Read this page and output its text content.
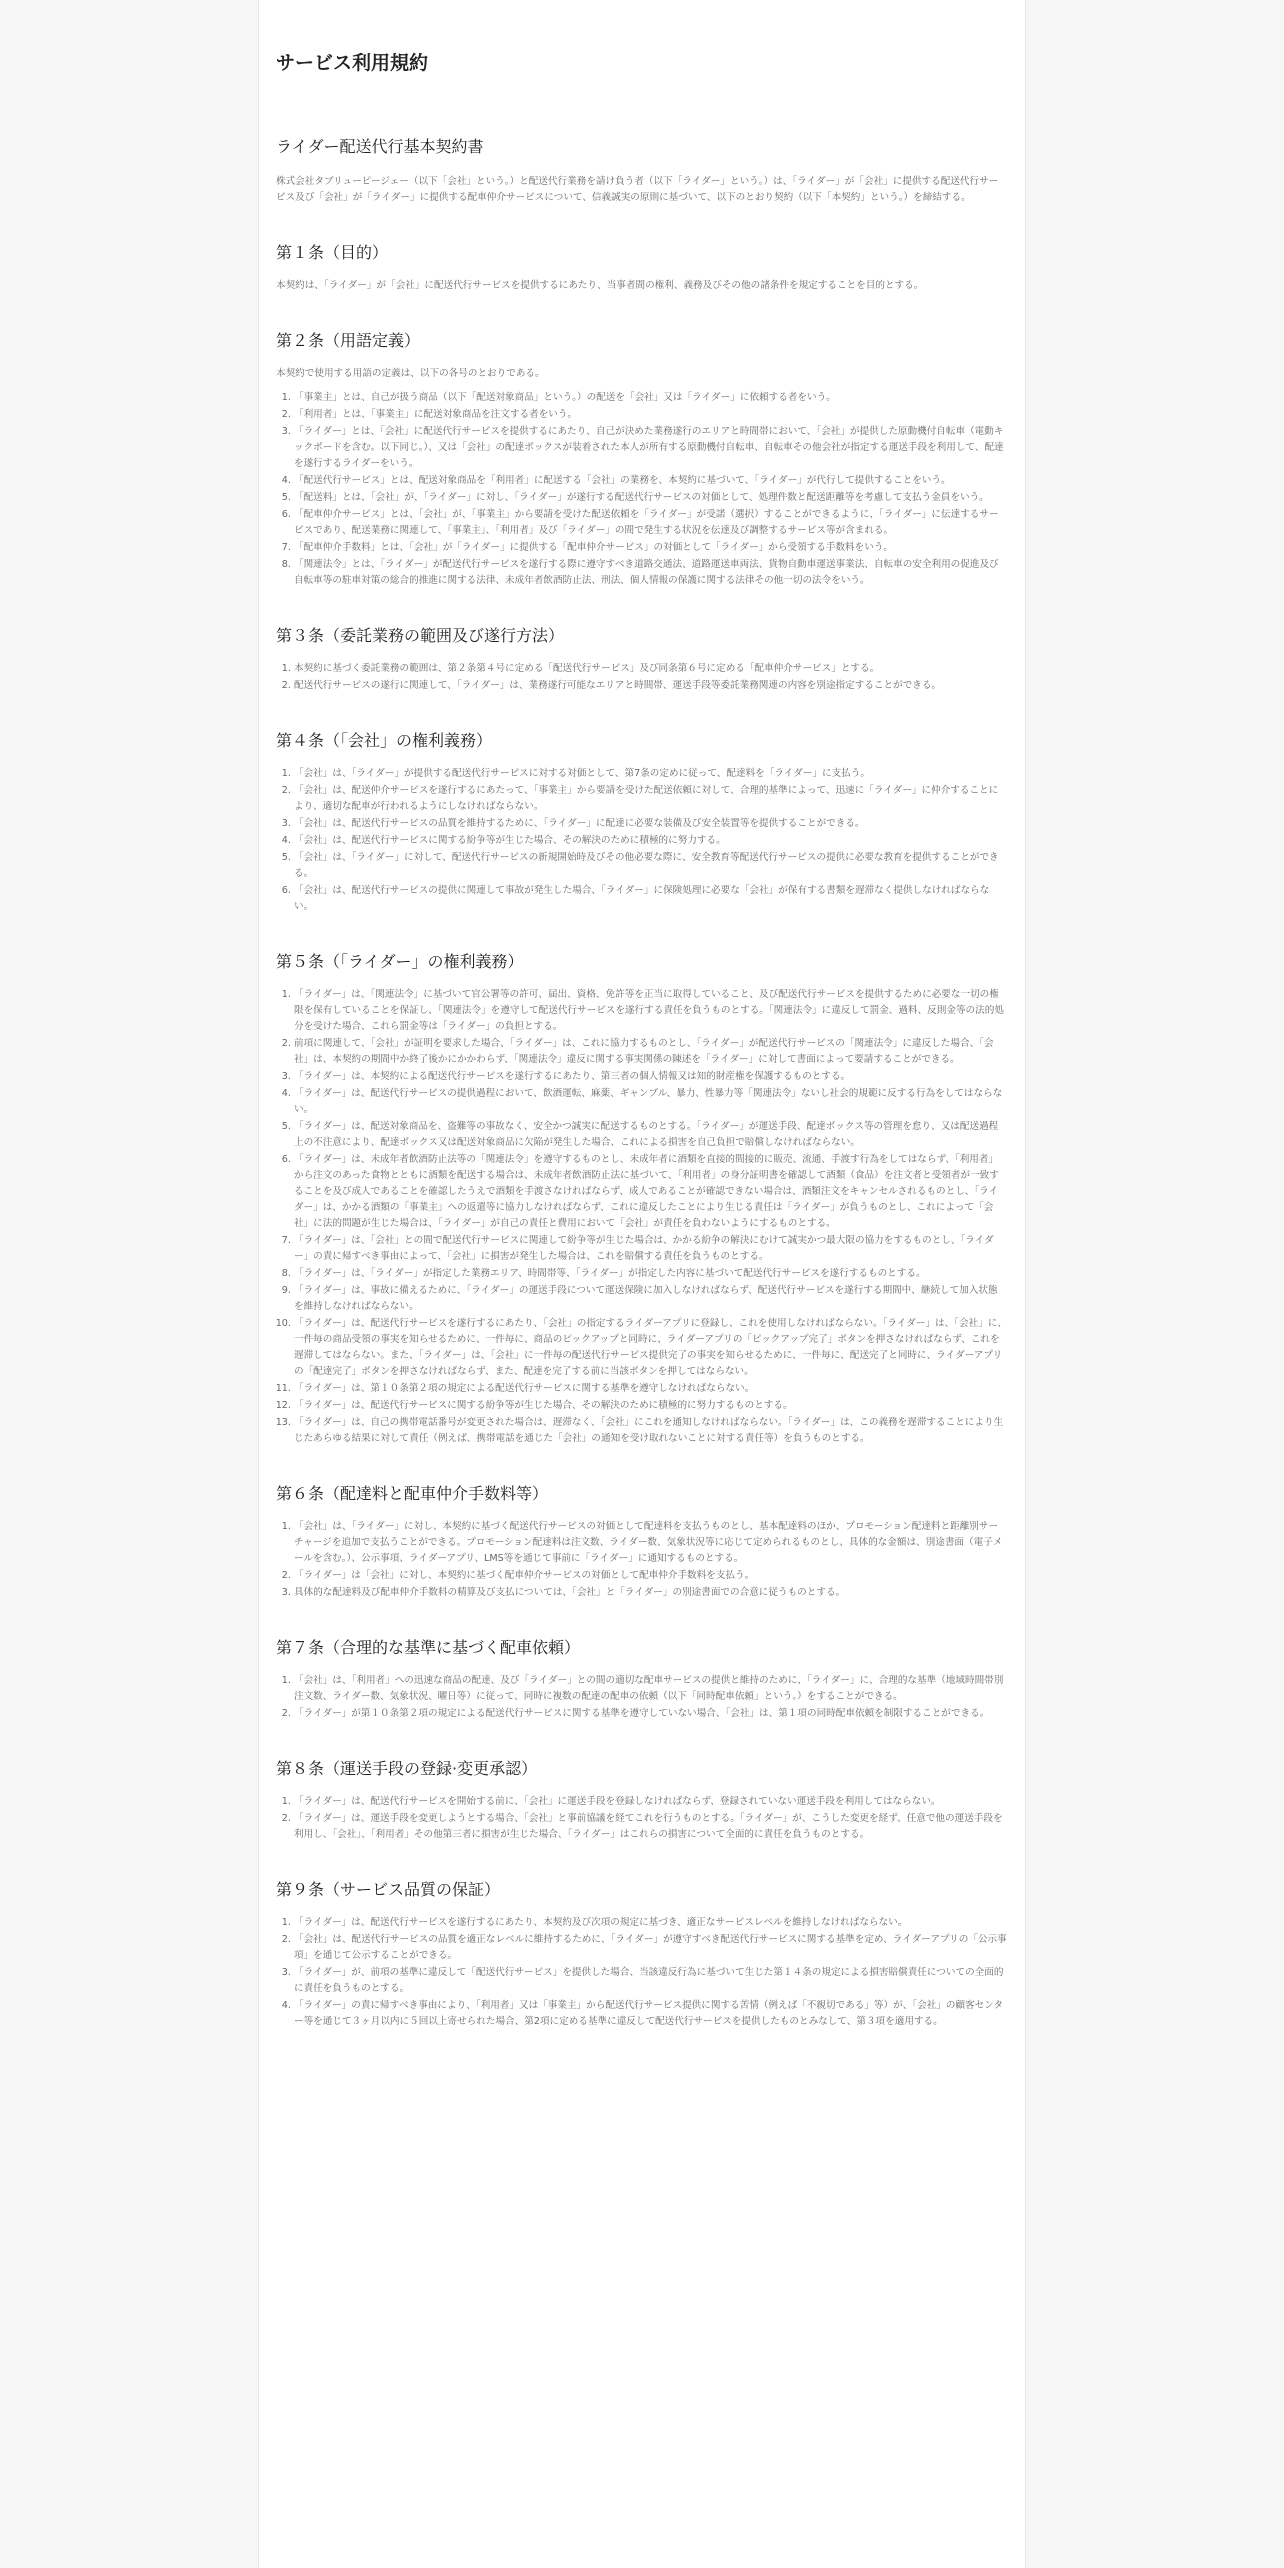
サービス利用規約
ライダー配送代行基本契約書

株式会社タブリューピージェー（以下「会社」という。）と配送代行業務を請け負う者（以下「ライダー」という。）は、「ライダー」が「会社」に提供する配送代行サービス及び「会社」が「ライダー」に提供する配車仲介サービスについて、信義誠実の原則に基づいて、以下のとおり契約（以下「本契約」という。）を締結する。

第１条（目的）

本契約は、「ライダー」が「会社」に配送代行サービスを提供するにあたり、当事者間の権利、義務及びその他の諸条件を規定することを目的とする。

第２条（用語定義）

本契約で使用する用語の定義は、以下の各号のとおりである。

1. 「事業主」とは、自己が扱う商品（以下「配送対象商品」という。）の配送を「会社」又は「ライダー」に依頼する者をいう。
2. 「利用者」とは、「事業主」に配送対象商品を注文する者をいう。
3. 「ライダー」とは、「会社」に配送代行サービスを提供するにあたり、自己が決めた業務遂行のエリアと時間帯において、「会社」が提供した原動機付自転車（電動キックボードを含む。以下同じ。）、又は「会社」の配達ボックスが装着された本人が所有する原動機付自転車、自転車その他会社が指定する運送手段を利用して、配達を遂行するライダーをいう。
4. 「配送代行サービス」とは、配送対象商品を「利用者」に配送する「会社」の業務を、本契約に基づいて、「ライダー」が代行して提供することをいう。
5. 「配送料」とは、「会社」が、「ライダー」に対し、「ライダー」が遂行する配送代行サービスの対価として、処理件数と配送距離等を考慮して支払う金員をいう。
6. 「配車仲介サービス」とは、「会社」が、「事業主」から要請を受けた配送依頼を「ライダー」が受諾（選択）することができるように、「ライダー」に伝達するサービスであり、配送業務に関連して、「事業主」、「利用者」及び「ライダー」の間で発生する状況を伝達及び調整するサービス等が含まれる。
7. 「配車仲介手数料」とは、「会社」が「ライダー」に提供する「配車仲介サービス」の対価として「ライダー」から受領する手数料をいう。
8. 「関連法令」とは、「ライダー」が配送代行サービスを遂行する際に遵守すべき道路交通法、道路運送車両法、貨物自動車運送事業法、自転車の安全利用の促進及び自転車等の駐車対策の総合的推進に関する法律、未成年者飲酒防止法、刑法、個人情報の保護に関する法律その他一切の法令をいう。
第３条（委託業務の範囲及び遂行方法）
1. 本契約に基づく委託業務の範囲は、第２条第４号に定める「配送代行サービス」及び同条第６号に定める「配車仲介サービス」とする。
2. 配送代行サービスの遂行に関連して、「ライダー」は、業務遂行可能なエリアと時間帯、運送手段等委託業務関連の内容を別途指定することができる。
第４条（「会社」の権利義務）
1. 「会社」は、「ライダー」が提供する配送代行サービスに対する対価として、第7条の定めに従って、配達料を「ライダー」に支払う。
2. 「会社」は、配送仲介サービスを遂行するにあたって、「事業主」から要請を受けた配送依頼に対して、合理的基準によって、迅速に「ライダー」に仲介することにより、適切な配車が行われるようにしなければならない。
3. 「会社」は、配送代行サービスの品質を維持するために、「ライダー」に配達に必要な装備及び安全装置等を提供することができる。
4. 「会社」は、配送代行サービスに関する紛争等が生じた場合、その解決のために積極的に努力する。
5. 「会社」は、「ライダー」に対して、配送代行サービスの新規開始時及びその他必要な際に、安全教育等配送代行サービスの提供に必要な教育を提供することができる。
6. 「会社」は、配送代行サービスの提供に関連して事故が発生した場合、「ライダー」に保険処理に必要な「会社」が保有する書類を遅滞なく提供しなければならない。
第５条（「ライダー」の権利義務）
1. 「ライダー」は、「関連法令」に基づいて官公署等の許可、届出、資格、免許等を正当に取得していること、及び配送代行サービスを提供するために必要な一切の権限を保有していることを保証し、「関連法令」を遵守して配送代行サービスを遂行する責任を負うものとする。「関連法令」に違反して罰金、過料、反則金等の法的処分を受けた場合、これら罰金等は「ライダー」の負担とする。
2. 前項に関連して、「会社」が証明を要求した場合、「ライダー」は、これに協力するものとし、「ライダー」が配送代行サービスの「関連法令」に違反した場合、「会社」は、本契約の期間中か終了後かにかかわらず、「関連法令」違反に関する事実関係の陳述を「ライダー」に対して書面によって要請することができる。
3. 「ライダー」は、本契約による配送代行サービスを遂行するにあたり、第三者の個人情報又は知的財産権を保護するものとする。
4. 「ライダー」は、配送代行サービスの提供過程において、飲酒運転、麻薬、ギャンブル、暴力、性暴力等「関連法令」ないし社会的規範に反する行為をしてはならない。
5. 「ライダー」は、配送対象商品を、盗難等の事故なく、安全かつ誠実に配送するものとする。「ライダー」が運送手段、配達ボックス等の管理を怠り、又は配送過程上の不注意により、配達ボックス又は配送対象商品に欠陥が発生した場合、これによる損害を自己負担で賠償しなければならない。
6. 「ライダー」は、未成年者飲酒防止法等の「関連法令」を遵守するものとし、未成年者に酒類を直接的間接的に販売、流通、手渡す行為をしてはならず、「利用者」から注文のあった食物とともに酒類を配送する場合は、未成年者飲酒防止法に基づいて、「利用者」の身分証明書を確認して酒類（食品）を注文者と受領者が一致することを及び成人であることを確認したうえで酒類を手渡さなければならず、成人であることが確認できない場合は、酒類注文をキャンセルされるものとし、「ライダー」は、かかる酒類の「事業主」への返還等に協力しなければならず、これに違反したことにより生じる責任は「ライダー」が負うものとし、これによって「会社」に法的問題が生じた場合は、「ライダー」が自己の責任と費用において「会社」が責任を負わないようにするものとする。
7. 「ライダー」は、「会社」との間で配送代行サービスに関連して紛争等が生じた場合は、かかる紛争の解決にむけて誠実かつ最大限の協力をするものとし、「ライダー」の責に帰すべき事由によって、「会社」に損害が発生した場合は、これを賠償する責任を負うものとする。
8. 「ライダー」は、「ライダー」が指定した業務エリア、時間帯等、「ライダー」が指定した内容に基づいて配送代行サービスを遂行するものとする。
9. 「ライダー」は、事故に備えるために、「ライダー」の運送手段について運送保険に加入しなければならず、配送代行サービスを遂行する期間中、継続して加入状態を維持しなければならない。
10. 「ライダー」は、配送代行サービスを遂行するにあたり、「会社」の指定するライダーアプリに登録し、これを使用しなければならない。「ライダー」は、「会社」に、一件毎の商品受領の事実を知らせるために、一件毎に、商品のピックアップと同時に、ライダーアプリの「ピックアップ完了」ボタンを押さなければならず、これを遅滞してはならない。また、「ライダー」は、「会社」に一件毎の配送代行サービス提供完了の事実を知らせるために、一件毎に、配送完了と同時に、ライダーアプリの「配達完了」ボタンを押さなければならず、また、配達を完了する前に当該ボタンを押してはならない。
11. 「ライダー」は、第１０条第２項の規定による配送代行サービスに関する基準を遵守しなければならない。
12. 「ライダー」は、配送代行サービスに関する紛争等が生じた場合、その解決のために積極的に努力するものとする。
13. 「ライダー」は、自己の携帯電話番号が変更された場合は、遅滞なく、「会社」にこれを通知しなければならない。「ライダー」は、この義務を遅滞することにより生じたあらゆる結果に対して責任（例えば、携帯電話を通じた「会社」の通知を受け取れないことに対する責任等）を負うものとする。
第６条（配達料と配車仲介手数料等）
1. 「会社」は、「ライダー」に対し、本契約に基づく配送代行サービスの対価として配達料を支払うものとし、基本配達料のほか、プロモーション配達料と距離別サーチャージを追加で支払うことができる。プロモーション配達料は注文数、ライダー数、気象状況等に応じて定められるものとし、具体的な金額は、別途書面（電子メールを含む。）、公示事項、ライダーアプリ、LMS等を通じて事前に「ライダー」に通知するものとする。
2. 「ライダー」は「会社」に対し、本契約に基づく配車仲介サービスの対価として配車仲介手数料を支払う。
3. 具体的な配達料及び配車仲介手数料の精算及び支払については、「会社」と「ライダー」の別途書面での合意に従うものとする。
第７条（合理的な基準に基づく配車依頼）
1. 「会社」は、「利用者」への迅速な商品の配達、及び「ライダー」との間の適切な配車サービスの提供と維持のために、「ライダー」に、合理的な基準（地域時間帯別注文数、ライダー数、気象状況、曜日等）に従って、同時に複数の配達の配車の依頼（以下「同時配車依頼」という。）をすることができる。
2. 「ライダー」が第１０条第２項の規定による配送代行サービスに関する基準を遵守していない場合、「会社」は、第１項の同時配車依頼を制限することができる。
第８条（運送手段の登録·変更承認）
1. 「ライダー」は、配送代行サービスを開始する前に、「会社」に運送手段を登録しなければならず、登録されていない運送手段を利用してはならない。
2. 「ライダー」は、運送手段を変更しようとする場合、「会社」と事前協議を経てこれを行うものとする。「ライダー」が、こうした変更を経ず、任意で他の運送手段を利用し、「会社」、「利用者」その他第三者に損害が生じた場合、「ライダー」はこれらの損害について全面的に責任を負うものとする。
第９条（サービス品質の保証）
1. 「ライダー」は、配送代行サービスを遂行するにあたり、本契約及び次項の規定に基づき、適正なサービスレベルを維持しなければならない。
2. 「会社」は、配送代行サービスの品質を適正なレベルに維持するために、「ライダー」が遵守すべき配送代行サービスに関する基準を定め、ライダーアプリの「公示事項」を通じて公示することができる。
3. 「ライダー」が、前項の基準に違反して「配送代行サービス」を提供した場合、当該違反行為に基づいて生じた第１４条の規定による損害賠償責任についての全面的に責任を負うものとする。
4. 「ライダー」の責に帰すべき事由により、「利用者」又は「事業主」から配送代行サービス提供に関する苦情（例えば「不親切である」等）が、「会社」の顧客センター等を通じて３ヶ月以内に５回以上寄せられた場合、第2項に定める基準に違反して配送代行サービスを提供したものとみなして、第３項を適用する。
